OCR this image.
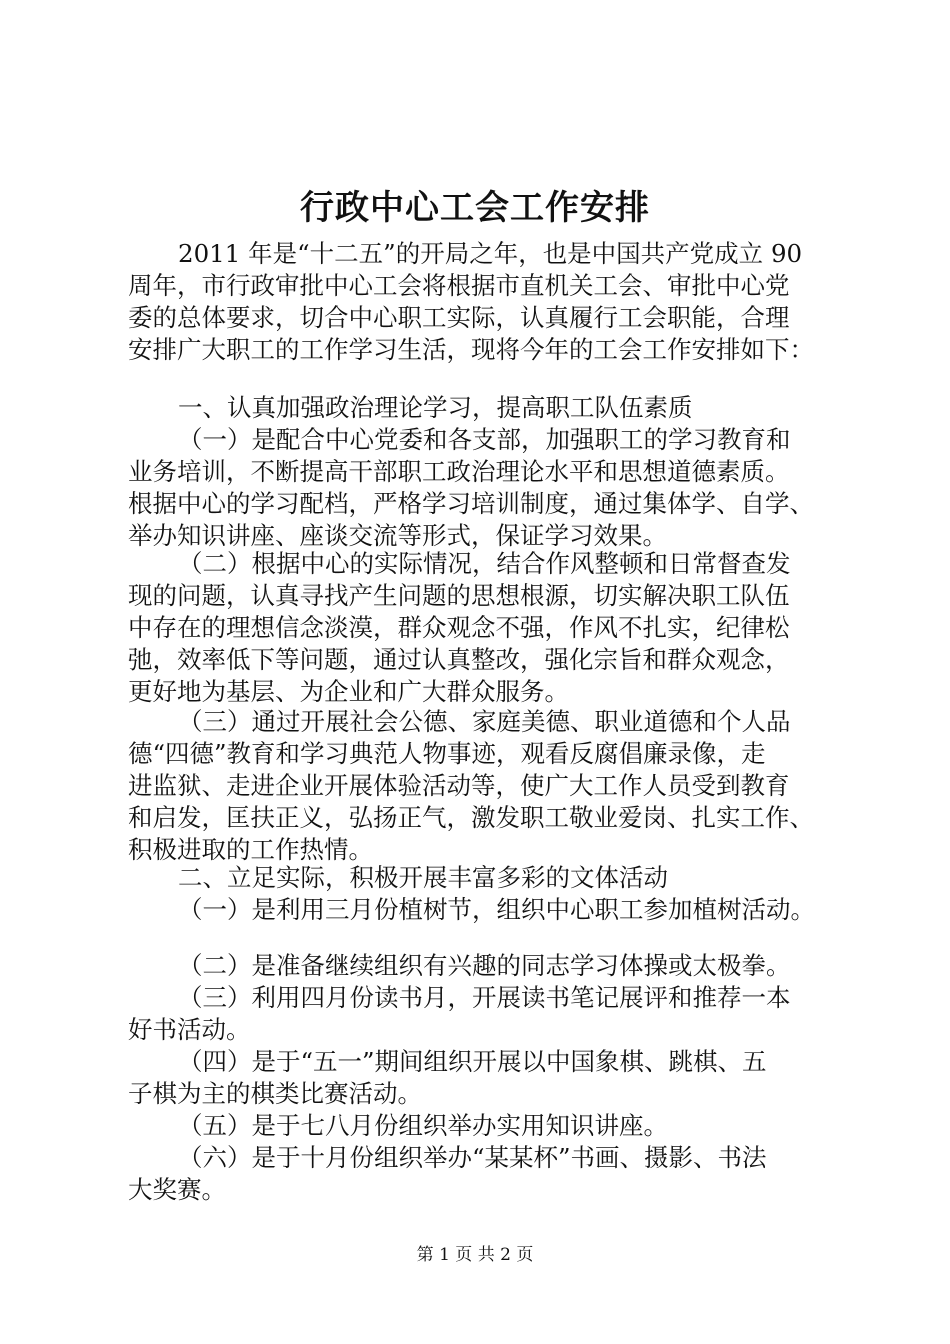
行政中心工会工作安排
2011 年是“十二五”的开局之年，也是中国共产党成立 90
周年，市行政审批中心工会将根据市直机关工会、审批中心党
委的总体要求，切合中心职工实际，认真履行工会职能，合理
安排广大职工的工作学习生活，现将今年的工会工作安排如下：
一、认真加强政治理论学习，提高职工队伍素质
（一）是配合中心党委和各支部，加强职工的学习教育和
业务培训，不断提高干部职工政治理论水平和思想道德素质。
根据中心的学习配档，严格学习培训制度，通过集体学、自学、
举办知识讲座、座谈交流等形式，保证学习效果。
（二）根据中心的实际情况，结合作风整顿和日常督查发
现的问题，认真寻找产生问题的思想根源，切实解决职工队伍
中存在的理想信念淡漠，群众观念不强，作风不扎实，纪律松
弛，效率低下等问题，通过认真整改，强化宗旨和群众观念，
更好地为基层、为企业和广大群众服务。
（三）通过开展社会公德、家庭美德、职业道德和个人品
德“四德”教育和学习典范人物事迹，观看反腐倡廉录像，走
进监狱、走进企业开展体验活动等，使广大工作人员受到教育
和启发，匡扶正义，弘扬正气，激发职工敬业爱岗、扎实工作、
积极进取的工作热情。
二、立足实际，积极开展丰富多彩的文体活动
（一）是利用三月份植树节，组织中心职工参加植树活动。
（二）是准备继续组织有兴趣的同志学习体操或太极拳。
（三）利用四月份读书月，开展读书笔记展评和推荐一本
好书活动。
（四）是于“五一”期间组织开展以中国象棋、跳棋、五
子棋为主的棋类比赛活动。
（五）是于七八月份组织举办实用知识讲座。
（六）是于十月份组织举办“某某杯”书画、摄影、书法
大奖赛。
第 1 页 共 2 页
